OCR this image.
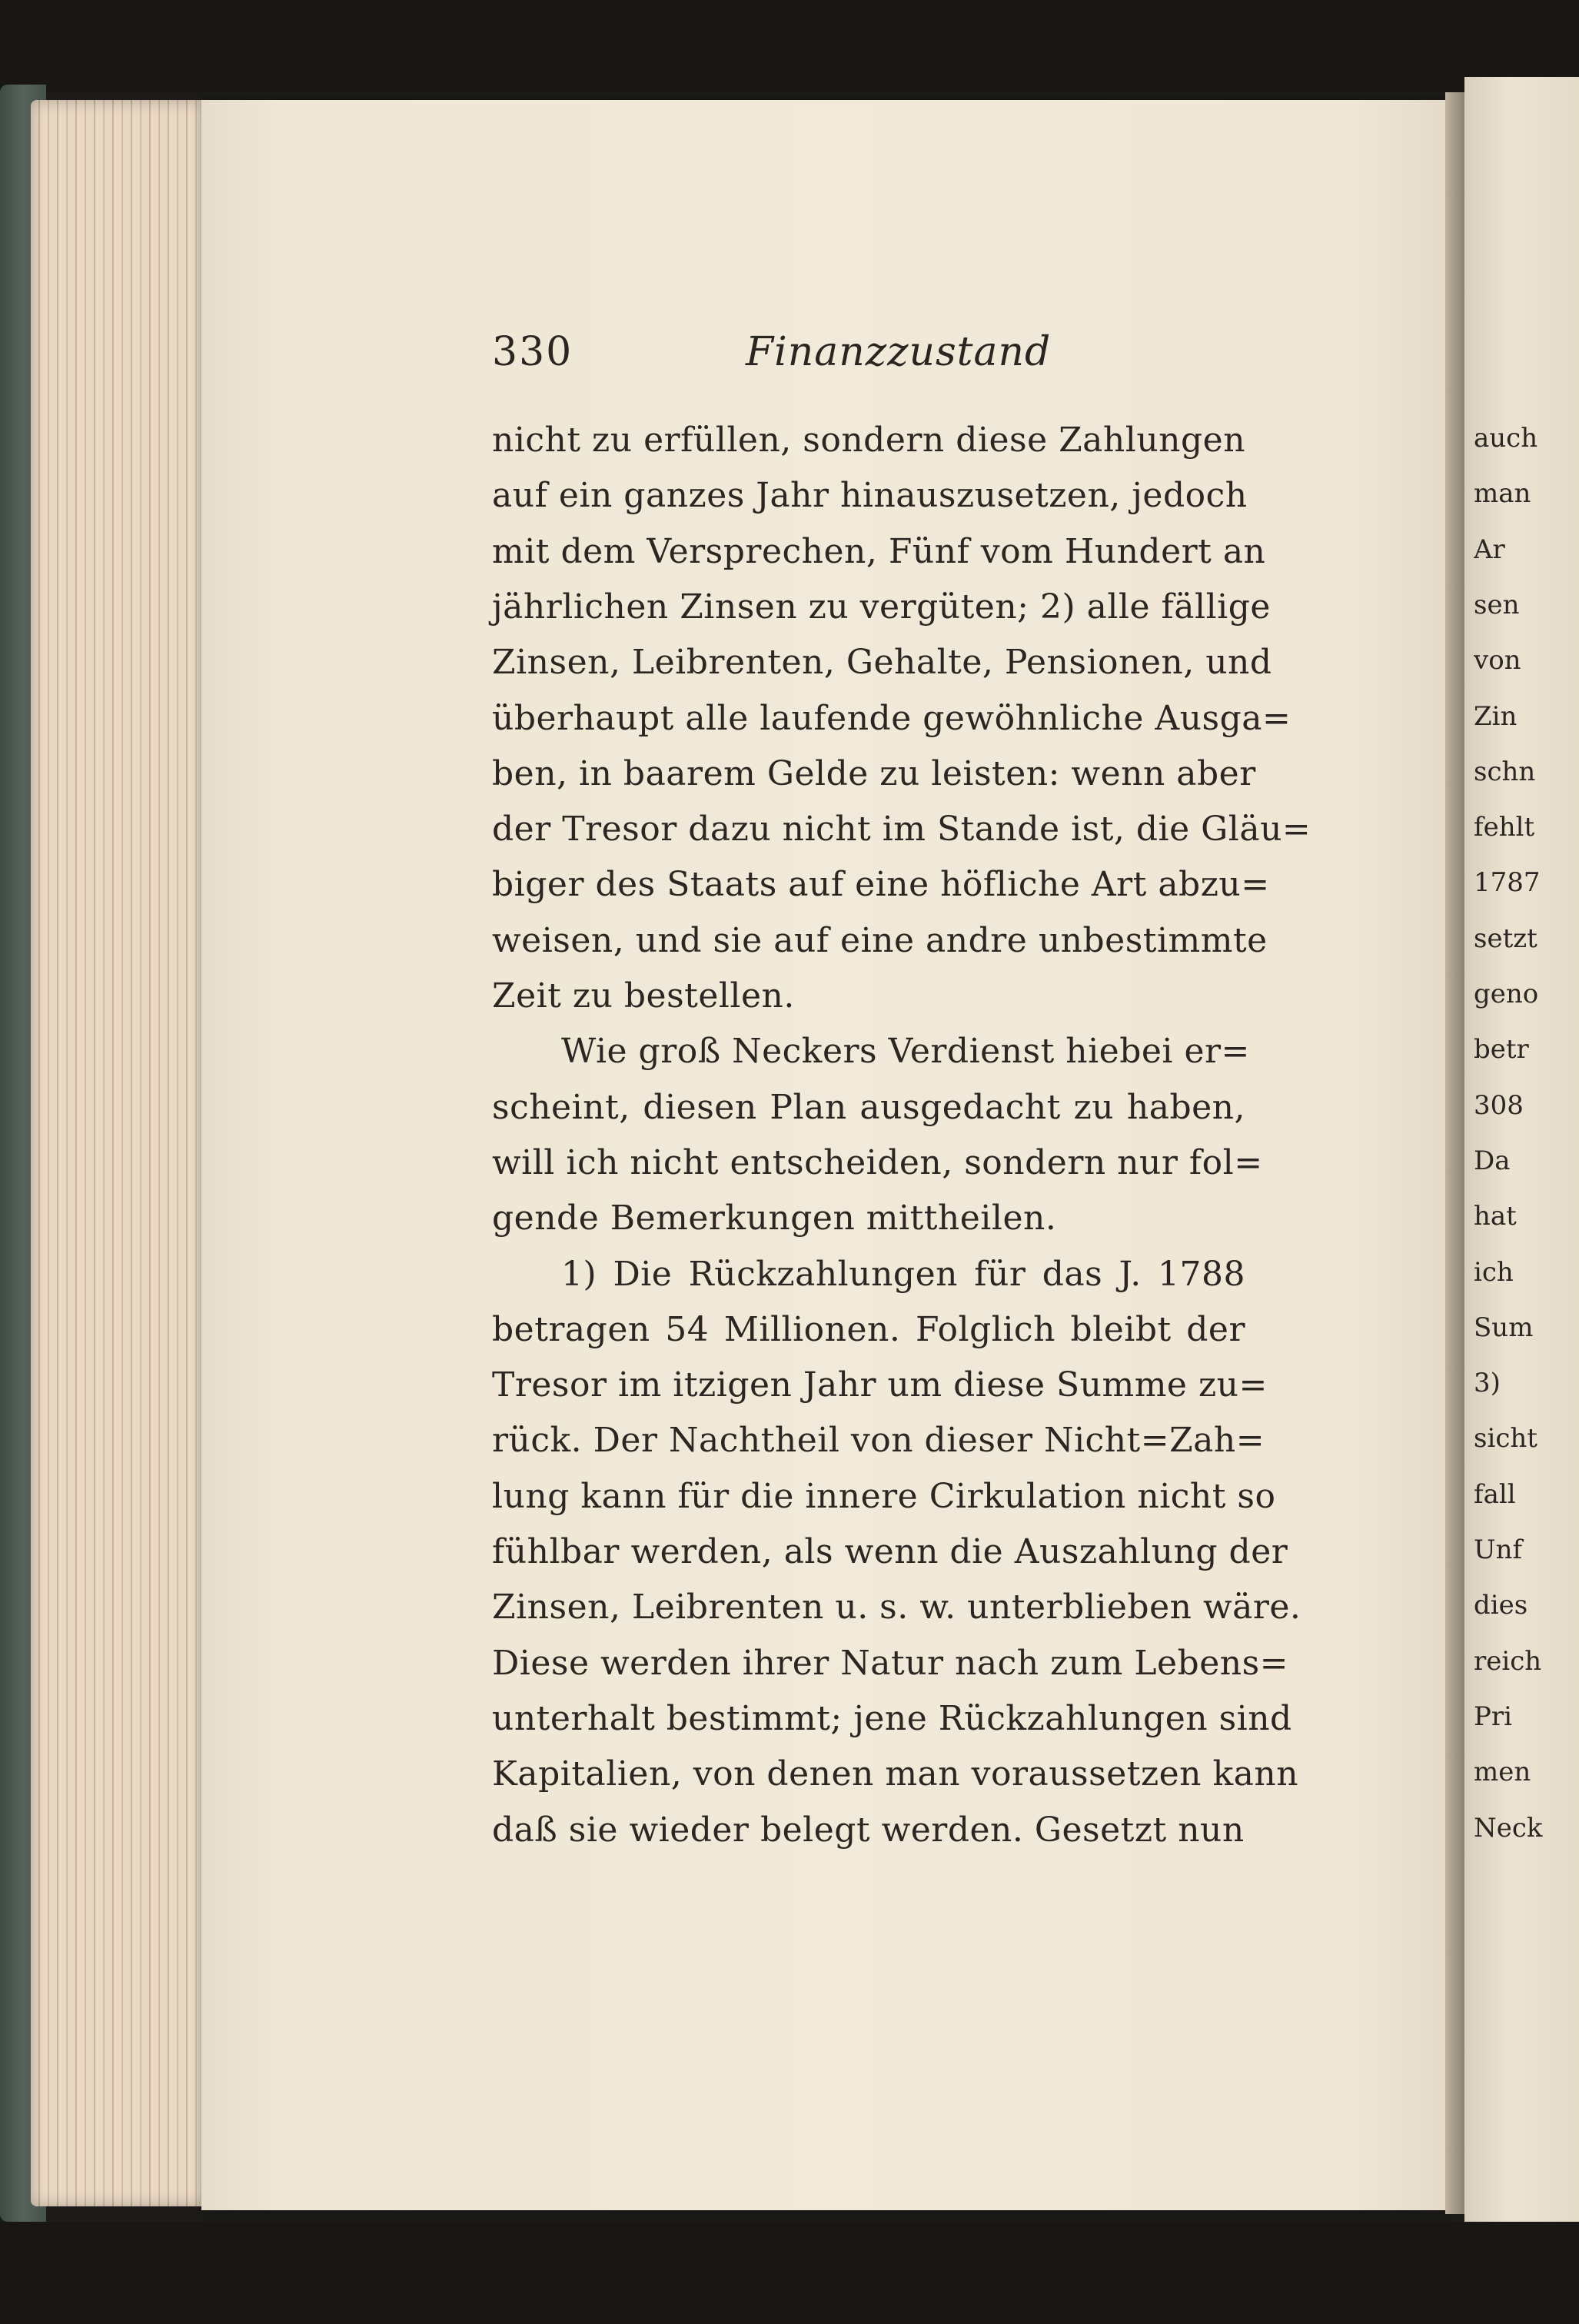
auch
man
Ar
sen
von
Zin
schn
fehlt
1787
setzt
geno
betr
308
Da
hat
ich
Sum
3)
sicht
fall
Unf
dies
reich
Pri
men
Neck
330	Finanzzustand
nicht zu erfüllen, sondern diese Zahlungen
auf ein ganzes Jahr hinauszusetzen, jedoch
mit dem Versprechen, Fünf vom Hundert an
jährlichen Zinsen zu vergüten; 2) alle fällige
Zinsen, Leibrenten, Gehalte, Pensionen, und
überhaupt alle laufende gewöhnliche Ausga=
ben, in baarem Gelde zu leisten: wenn aber
der Tresor dazu nicht im Stande ist, die Gläu=
biger des Staats auf eine höfliche Art abzu=
weisen, und sie auf eine andre unbestimmte
Zeit zu bestellen.
Wie groß Neckers Verdienst hiebei er=
scheint, diesen Plan ausgedacht zu haben,
will ich nicht entscheiden, sondern nur fol=
gende Bemerkungen mittheilen.
1) Die Rückzahlungen für das J. 1788
betragen 54 Millionen. Folglich bleibt der
Tresor im itzigen Jahr um diese Summe zu=
rück. Der Nachtheil von dieser Nicht=Zah=
lung kann für die innere Cirkulation nicht so
fühlbar werden, als wenn die Auszahlung der
Zinsen, Leibrenten u. s. w. unterblieben wäre.
Diese werden ihrer Natur nach zum Lebens=
unterhalt bestimmt; jene Rückzahlungen sind
Kapitalien, von denen man voraussetzen kann
daß sie wieder belegt werden. Gesetzt nun
